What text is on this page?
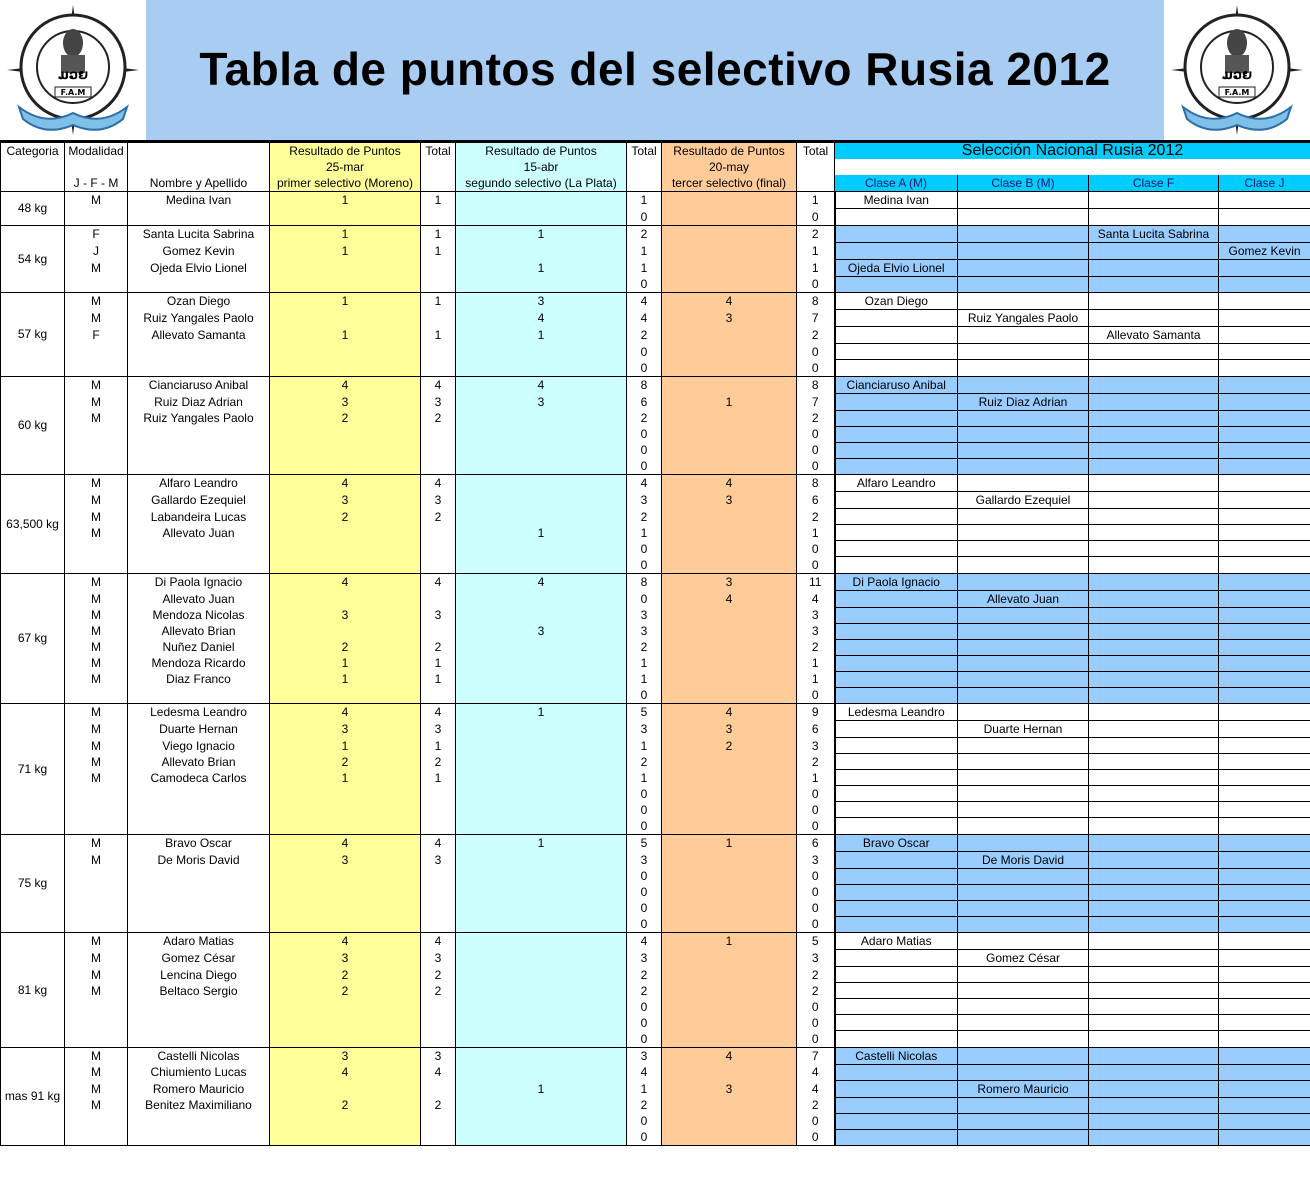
ມວຍ
F.A.M	Tabla de puntos del selectivo Rusia 2012	ມວຍ
F.A.M
Categoria	Modalidad		Resultado de Puntos	Total	Resultado de Puntos	Total	Resultado de Puntos	Total	Selección Nacional Rusia 2012			
			25-mar		15-abr		20-may					
	J - F - M	Nombre y Apellido	primer selectivo (Moreno)		segundo selectivo (La Plata)		tercer selectivo (final)		Clase A (M)	Clase B (M)	Clase F	Clase J
48 kg	M	Medina Ivan	1	1		1		1	Medina Ivan			
						0		0				
54 kg	F	Santa Lucita Sabrina	1	1	1	2		2			Santa Lucita Sabrina	
	J	Gomez Kevin	1	1		1		1				Gomez Kevin
	M	Ojeda Elvio Lionel			1	1		1	Ojeda Elvio Lionel			
						0		0				
57 kg	M	Ozan Diego	1	1	3	4	4	8	Ozan Diego			
	M	Ruiz Yangales Paolo			4	4	3	7		Ruiz Yangales Paolo		
	F	Allevato Samanta	1	1	1	2		2			Allevato Samanta	
						0		0				
						0		0				
60 kg	M	Cianciaruso Anibal	4	4	4	8		8	Cianciaruso Anibal			
	M	Ruiz Diaz Adrian	3	3	3	6	1	7		Ruiz Diaz Adrian		
	M	Ruiz Yangales Paolo	2	2		2		2				
						0		0				
						0		0				
						0		0				
63,500 kg	M	Alfaro Leandro	4	4		4	4	8	Alfaro Leandro			
	M	Gallardo Ezequiel	3	3		3	3	6		Gallardo Ezequiel		
	M	Labandeira Lucas	2	2		2		2				
	M	Allevato Juan			1	1		1				
						0		0				
						0		0				
67 kg	M	Di Paola Ignacio	4	4	4	8	3	11	Di Paola Ignacio			
	M	Allevato Juan				0	4	4		Allevato Juan		
	M	Mendoza Nicolas	3	3		3		3				
	M	Allevato Brian			3	3		3				
	M	Nuñez Daniel	2	2		2		2				
	M	Mendoza Ricardo	1	1		1		1				
	M	Diaz Franco	1	1		1		1				
						0		0				
71 kg	M	Ledesma Leandro	4	4	1	5	4	9	Ledesma Leandro			
	M	Duarte Hernan	3	3		3	3	6		Duarte Hernan		
	M	Viego Ignacio	1	1		1	2	3				
	M	Allevato Brian	2	2		2		2				
	M	Camodeca Carlos	1	1		1		1				
						0		0				
						0		0				
						0		0				
75 kg	M	Bravo Oscar	4	4	1	5	1	6	Bravo Oscar			
	M	De Moris David	3	3		3		3		De Moris David		
						0		0				
						0		0				
						0		0				
						0		0				
81 kg	M	Adaro Matias	4	4		4	1	5	Adaro Matias			
	M	Gomez César	3	3		3		3		Gomez César		
	M	Lencina Diego	2	2		2		2				
	M	Beltaco Sergio	2	2		2		2				
						0		0				
						0		0				
						0		0				
mas 91 kg	M	Castelli Nicolas	3	3		3	4	7	Castelli Nicolas			
	M	Chiumiento Lucas	4	4		4		4				
	M	Romero Mauricio			1	1	3	4		Romero Mauricio		
	M	Benitez Maximiliano	2	2		2		2				
						0		0				
						0		0				
